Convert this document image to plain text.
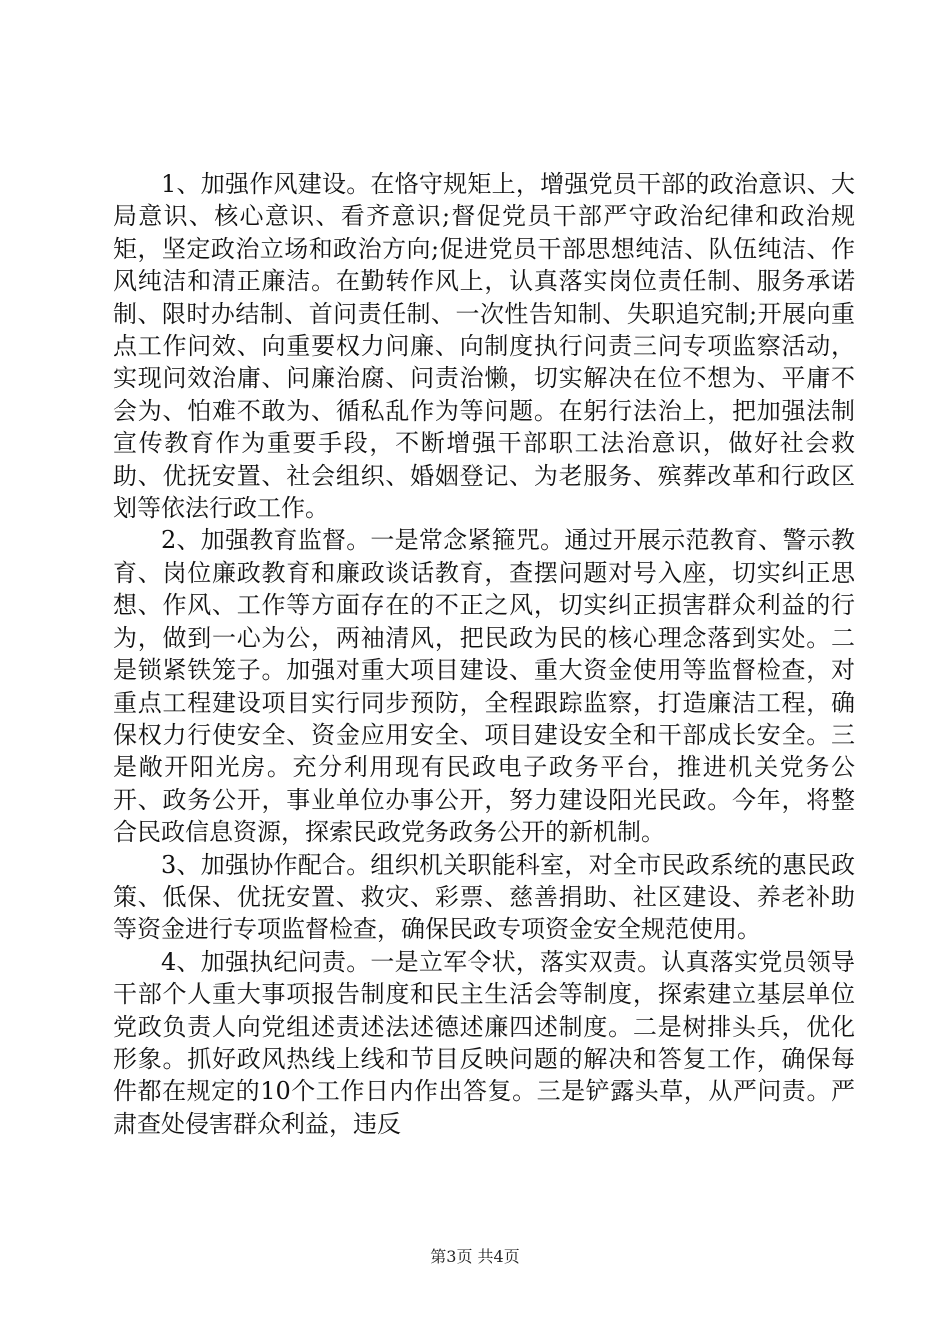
1、加强作风建设。在恪守规矩上，增强党员干部的政治意识、大局意识、核心意识、看齐意识;督促党员干部严守政治纪律和政治规矩，坚定政治立场和政治方向;促进党员干部思想纯洁、队伍纯洁、作风纯洁和清正廉洁。在勤转作风上，认真落实岗位责任制、服务承诺制、限时办结制、首问责任制、一次性告知制、失职追究制;开展向重点工作问效、向重要权力问廉、向制度执行问责三问专项监察活动，实现问效治庸、问廉治腐、问责治懒，切实解决在位不想为、平庸不会为、怕难不敢为、循私乱作为等问题。在躬行法治上，把加强法制宣传教育作为重要手段，不断增强干部职工法治意识，做好社会救助、优抚安置、社会组织、婚姻登记、为老服务、殡葬改革和行政区划等依法行政工作。

2、加强教育监督。一是常念紧箍咒。通过开展示范教育、警示教育、岗位廉政教育和廉政谈话教育，查摆问题对号入座，切实纠正思想、作风、工作等方面存在的不正之风，切实纠正损害群众利益的行为，做到一心为公，两袖清风，把民政为民的核心理念落到实处。二是锁紧铁笼子。加强对重大项目建设、重大资金使用等监督检查，对重点工程建设项目实行同步预防，全程跟踪监察，打造廉洁工程，确保权力行使安全、资金应用安全、项目建设安全和干部成长安全。三是敞开阳光房。充分利用现有民政电子政务平台，推进机关党务公开、政务公开，事业单位办事公开，努力建设阳光民政。今年，将整合民政信息资源，探索民政党务政务公开的新机制。

3、加强协作配合。组织机关职能科室，对全市民政系统的惠民政策、低保、优抚安置、救灾、彩票、慈善捐助、社区建设、养老补助等资金进行专项监督检查，确保民政专项资金安全规范使用。

4、加强执纪问责。一是立军令状，落实双责。认真落实党员领导干部个人重大事项报告制度和民主生活会等制度，探索建立基层单位党政负责人向党组述责述法述德述廉四述制度。二是树排头兵，优化形象。抓好政风热线上线和节目反映问题的解决和答复工作，确保每件都在规定的10个工作日内作出答复。三是铲露头草，从严问责。严肃查处侵害群众利益，违反

第3页 共4页
